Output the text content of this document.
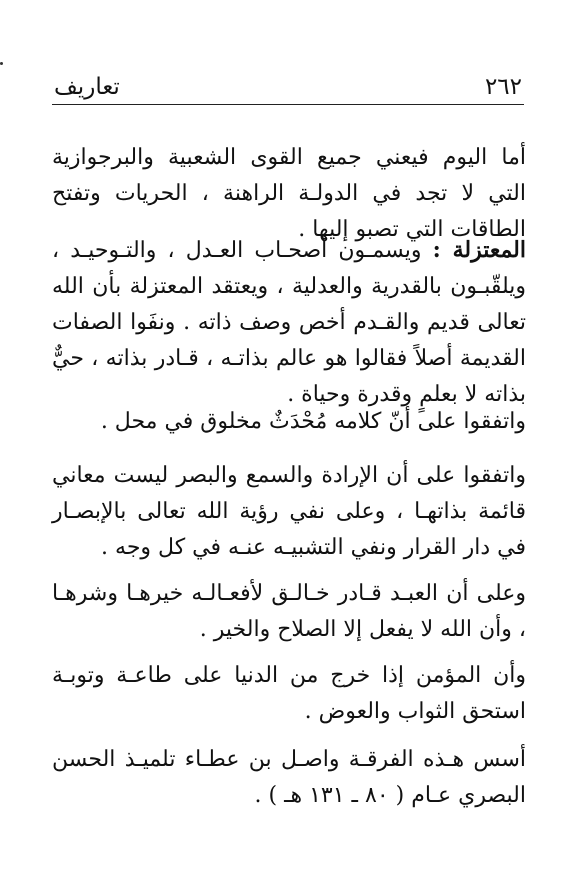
٢٦٢
تعاريف

أما اليوم فيعني جميع القوى الشعبية والبرجوازية التي لا تجد في الدولـة الراهنة ، الحريات وتفتح الطاقات التي تصبو إليها .

المعتزلة : ويسمـون أصحـاب العـدل ، والتـوحيـد ، ويلقّبـون بالقدرية والعدلية ، ويعتقد المعتزلة بأن الله تعالى قديم والقـدم أخص وصف ذاته . ونفَوا الصفات القديمة أصلاً فقالوا هو عالم بذاتـه ، قـادر بذاته ، حيٌّ بذاته لا بعلمٍ وقدرة وحياة .

واتفقوا على أنّ كلامه مُحْدَثٌ مخلوق في محل .

واتفقوا على أن الإرادة والسمع والبصر ليست معاني قائمة بذاتهـا ، وعلى نفي رؤية الله تعالى بالإبصـار في دار القرار ونفي التشبيـه عنـه في كل وجه .

وعلى أن العبـد قـادر خـالـق لأفعـالـه خيرهـا وشرهـا ، وأن الله لا يفعل إلا الصلاح والخير .

وأن المؤمن إذا خرج من الدنيا على طاعـة وتوبـة استحق الثواب والعوض .

أسس هـذه الفرقـة واصـل بن عطـاء تلميـذ الحسن البصري عـام ( ٨٠ ـ ١٣١ هـ ) .
